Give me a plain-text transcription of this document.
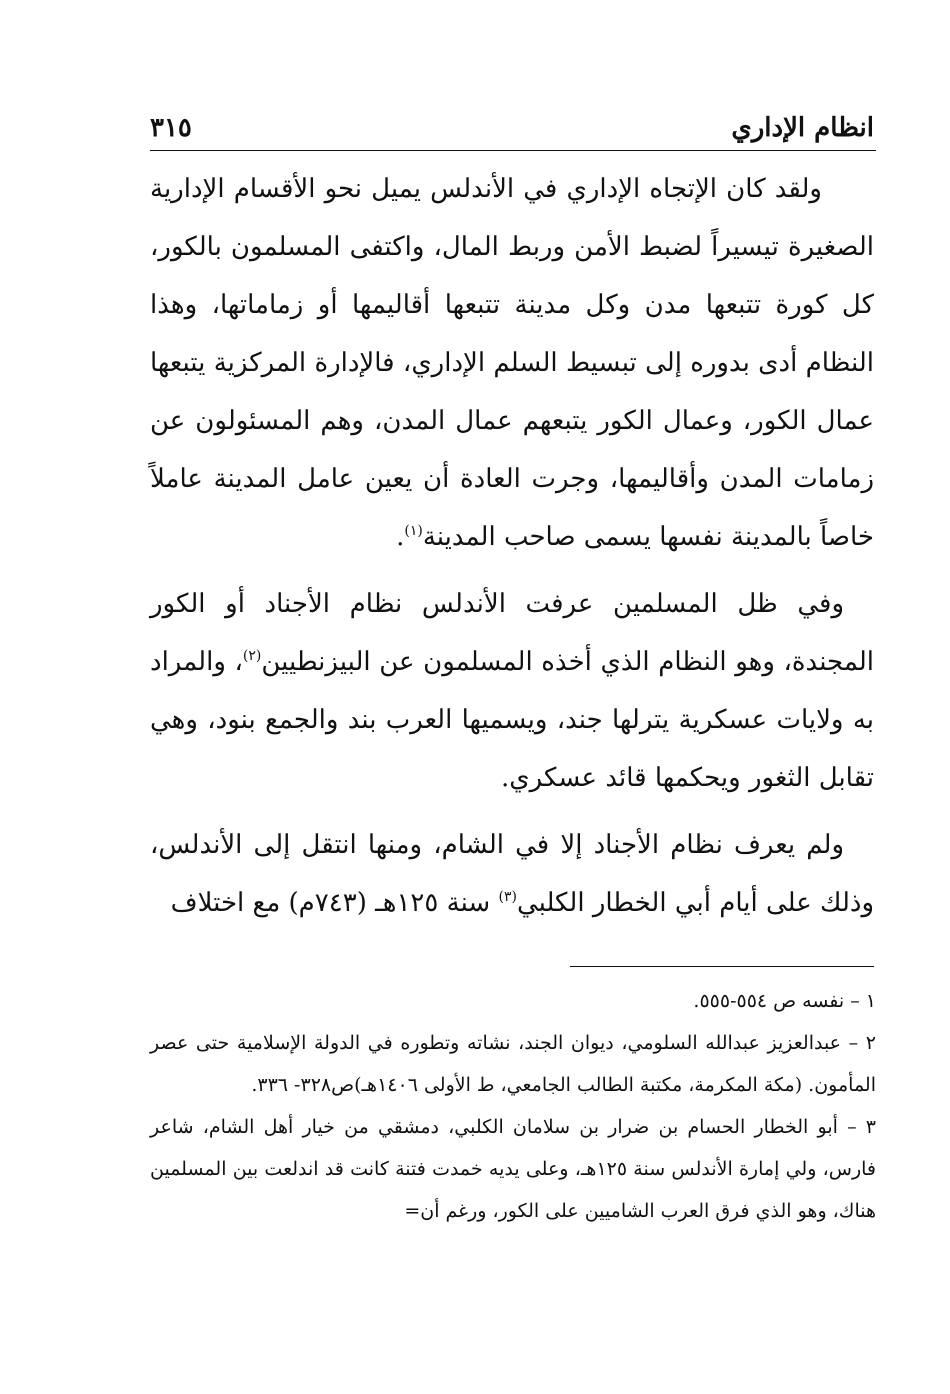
انظام الإداري
٣١٥

ولقد كان الإتجاه الإداري في الأندلس يميل نحو الأقسام الإدارية الصغيرة تيسيراً لضبط الأمن وربط المال، واكتفى المسلمون بالكور، كل كورة تتبعها مدن وكل مدينة تتبعها أقاليمها أو زماماتها، وهذا النظام أدى بدوره إلى تبسيط السلم الإداري، فالإدارة المركزية يتبعها عمال الكور، وعمال الكور يتبعهم عمال المدن، وهم المسئولون عن زمامات المدن وأقاليمها، وجرت العادة أن يعين عامل المدينة عاملاً خاصاً بالمدينة نفسها يسمى صاحب المدينة$^{(١)}$.

وفي ظل المسلمين عرفت الأندلس نظام الأجناد أو الكور المجندة، وهو النظام الذي أخذه المسلمون عن البيزنطيين$^{(٢)}$، والمراد به ولايات عسكرية يترلها جند، ويسميها العرب بند والجمع بنود، وهي تقابل الثغور ويحكمها قائد عسكري.

ولم يعرف نظام الأجناد إلا في الشام، ومنها انتقل إلى الأندلس، وذلك على أيام أبي الخطار الكلبي$^{(٣)}$ سنة ١٢٥هـ (٧٤٣م) مع اختلاف

١ – نفسه ص ٥٥٤-٥٥٥.

٢ – عبدالعزيز عبدالله السلومي، ديوان الجند، نشاته وتطوره في الدولة الإسلامية حتى عصر المأمون. (مكة المكرمة، مكتبة الطالب الجامعي، ط الأولى ١٤٠٦هـ)ص٣٢٨- ٣٣٦.

٣ – أبو الخطار الحسام بن ضرار بن سلامان الكلبي، دمشقي من خيار أهل الشام، شاعر فارس، ولي إمارة الأندلس سنة ١٢٥هـ، وعلى يديه خمدت فتنة كانت قد اندلعت بين المسلمين هناك، وهو الذي فرق العرب الشاميين على الكور، ورغم أن=
